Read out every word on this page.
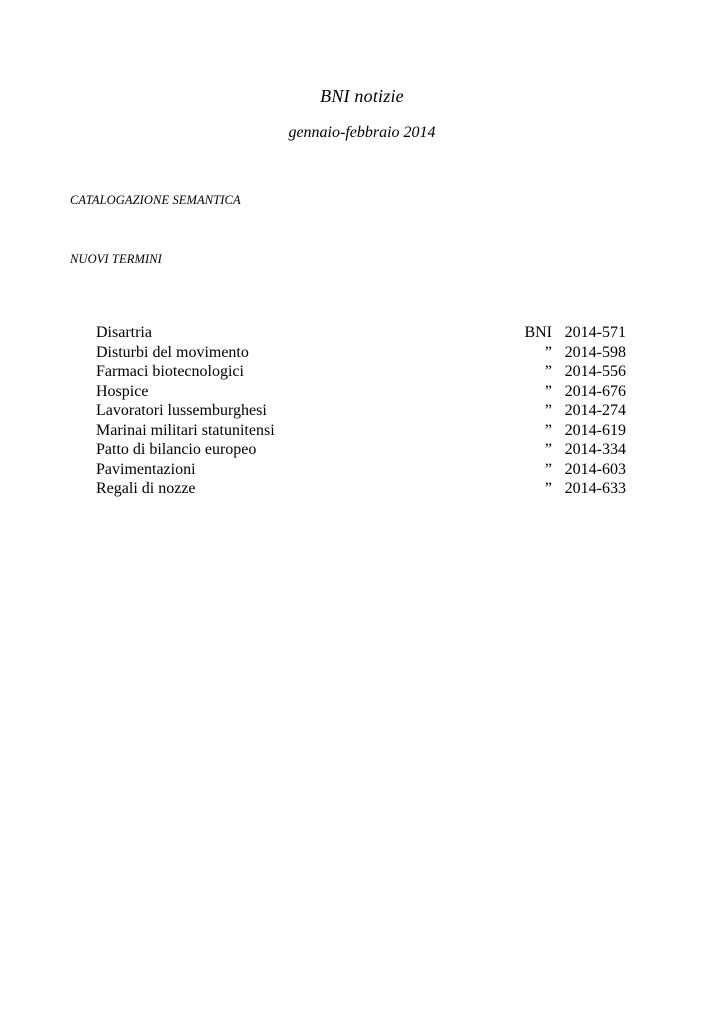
BNI notizie
gennaio-febbraio 2014
CATALOGAZIONE SEMANTICA
NUOVI TERMINI
Disartria	BNI 2014-571
Disturbi del movimento	” 2014-598
Farmaci biotecnologici	” 2014-556
Hospice	” 2014-676
Lavoratori lussemburghesi	” 2014-274
Marinai militari statunitensi	” 2014-619
Patto di bilancio europeo	” 2014-334
Pavimentazioni	” 2014-603
Regali di nozze	” 2014-633
